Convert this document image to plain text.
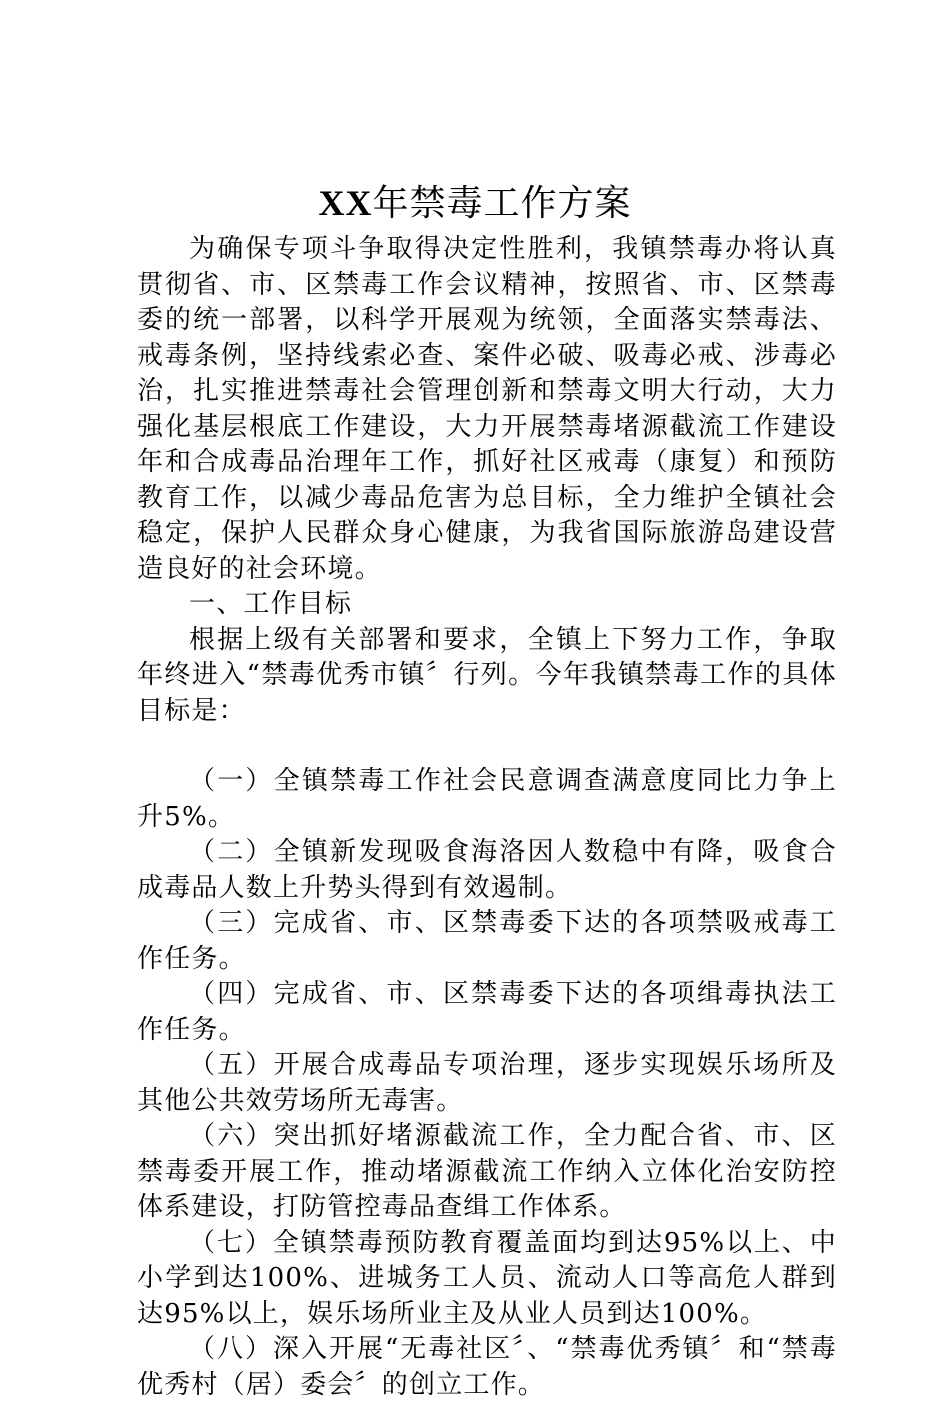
XX年禁毒工作方案

为确保专项斗争取得决定性胜利，我镇禁毒办将认真贯彻省、市、区禁毒工作会议精神，按照省、市、区禁毒委的统一部署，以科学开展观为统领，全面落实禁毒法、戒毒条例，坚持线索必查、案件必破、吸毒必戒、涉毒必治，扎实推进禁毒社会管理创新和禁毒文明大行动，大力强化基层根底工作建设，大力开展禁毒堵源截流工作建设年和合成毒品治理年工作，抓好社区戒毒（康复）和预防教育工作，以减少毒品危害为总目标，全力维护全镇社会稳定，保护人民群众身心健康，为我省国际旅游岛建设营造良好的社会环境。

一、工作目标

根据上级有关部署和要求，全镇上下努力工作，争取年终进入“禁毒优秀市镇〞行列。今年我镇禁毒工作的具体目标是：

（一）全镇禁毒工作社会民意调查满意度同比力争上升5%。

（二）全镇新发现吸食海洛因人数稳中有降，吸食合成毒品人数上升势头得到有效遏制。

（三）完成省、市、区禁毒委下达的各项禁吸戒毒工作任务。

（四）完成省、市、区禁毒委下达的各项缉毒执法工作任务。

（五）开展合成毒品专项治理，逐步实现娱乐场所及其他公共效劳场所无毒害。

（六）突出抓好堵源截流工作，全力配合省、市、区禁毒委开展工作，推动堵源截流工作纳入立体化治安防控体系建设，打防管控毒品查缉工作体系。

（七）全镇禁毒预防教育覆盖面均到达95%以上、中小学到达100%、进城务工人员、流动人口等高危人群到达95%以上，娱乐场所业主及从业人员到达100%。

（八）深入开展“无毒社区〞、“禁毒优秀镇〞和“禁毒优秀村（居）委会〞的创立工作。
